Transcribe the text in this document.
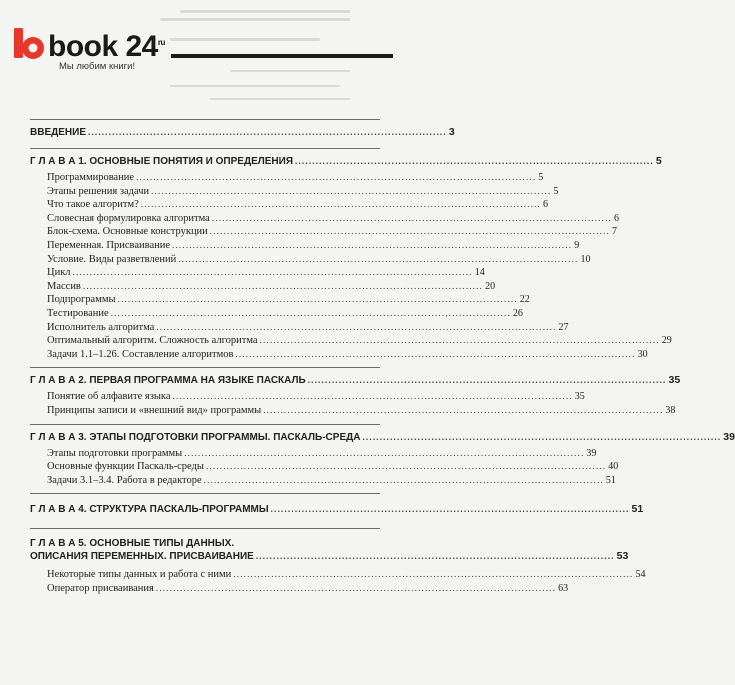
book $24^{ru}$
Мы любим книги!
ВВЕДЕНИЕ ........................................................................................................ 3
Г Л А В А 1. ОСНОВНЫЕ ПОНЯТИЯ И ОПРЕДЕЛЕНИЯ ........................................................................................................ 5
Программирование .................................................................................................................... 5
Этапы решения задачи .................................................................................................................... 5
Что такое алгоритм? .................................................................................................................... 6
Словесная формулировка алгоритма .................................................................................................................... 6
Блок-схема. Основные конструкции .................................................................................................................... 7
Переменная. Присваивание .................................................................................................................... 9
Условие. Виды разветвлений .................................................................................................................... 10
Цикл .................................................................................................................... 14
Массив .................................................................................................................... 20
Подпрограммы .................................................................................................................... 22
Тестирование .................................................................................................................... 26
Исполнитель алгоритма .................................................................................................................... 27
Оптимальный алгоритм. Сложность алгоритма .................................................................................................................... 29
Задачи 1.1–1.26. Составление алгоритмов .................................................................................................................... 30
Г Л А В А 2. ПЕРВАЯ ПРОГРАММА НА ЯЗЫКЕ ПАСКАЛЬ ........................................................................................................ 35
Понятие об алфавите языка .................................................................................................................... 35
Принципы записи и «внешний вид» программы .................................................................................................................... 38
Г Л А В А 3. ЭТАПЫ ПОДГОТОВКИ ПРОГРАММЫ. ПАСКАЛЬ-СРЕДА ........................................................................................................ 39
Этапы подготовки программы .................................................................................................................... 39
Основные функции Паскаль-среды .................................................................................................................... 40
Задачи 3.1–3.4. Работа в редакторе .................................................................................................................... 51
Г Л А В А 4. СТРУКТУРА ПАСКАЛЬ-ПРОГРАММЫ ........................................................................................................ 51
Г Л А В А 5. ОСНОВНЫЕ ТИПЫ ДАННЫХ.
ОПИСАНИЯ ПЕРЕМЕННЫХ. ПРИСВАИВАНИЕ ........................................................................................................ 53
Некоторые типы данных и работа с ними .................................................................................................................... 54
Оператор присваивания .................................................................................................................... 63
